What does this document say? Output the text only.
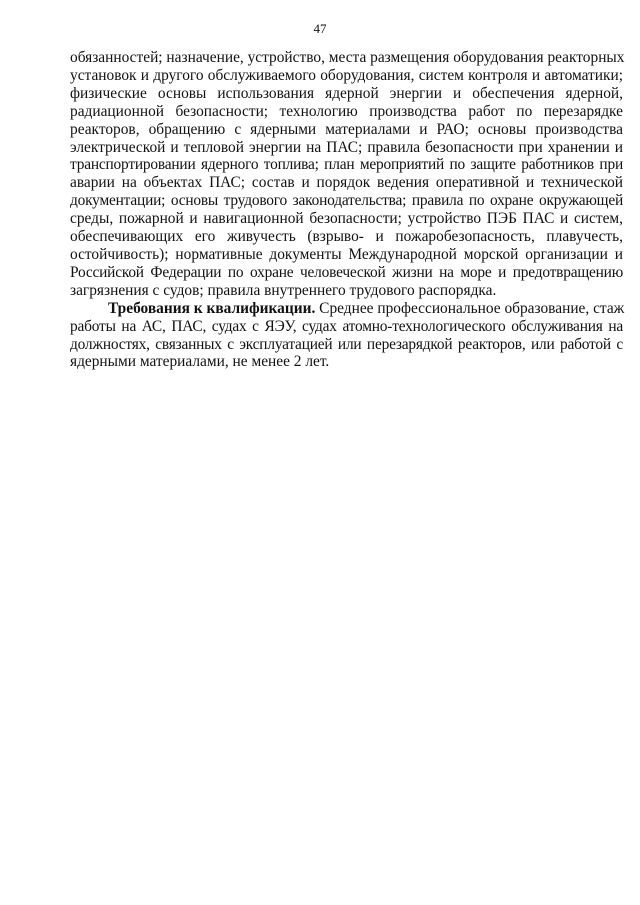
47
обязанностей; назначение, устройство, места размещения оборудования реакторных
установок и другого обслуживаемого оборудования, систем контроля и автоматики;
физические основы использования ядерной энергии и обеспечения ядерной,
радиационной безопасности; технологию производства работ по перезарядке
реакторов, обращению с ядерными материалами и РАО; основы производства
электрической и тепловой энергии на ПАС; правила безопасности при хранении и
транспортировании ядерного топлива; план мероприятий по защите работников при
аварии на объектах ПАС; состав и порядок ведения оперативной и технической
документации; основы трудового законодательства; правила по охране окружающей
среды, пожарной и навигационной безопасности; устройство ПЭБ ПАС и систем,
обеспечивающих его живучесть (взрыво- и пожаробезопасность, плавучесть,
остойчивость); нормативные документы Международной морской организации и
Российской Федерации по охране человеческой жизни на море и предотвращению
загрязнения с судов; правила внутреннего трудового распорядка.
Требования к квалификации. Среднее профессиональное образование, стаж
работы на АС, ПАС, судах с ЯЭУ, судах атомно-технологического обслуживания на
должностях, связанных с эксплуатацией или перезарядкой реакторов, или работой с
ядерными материалами, не менее 2 лет.
